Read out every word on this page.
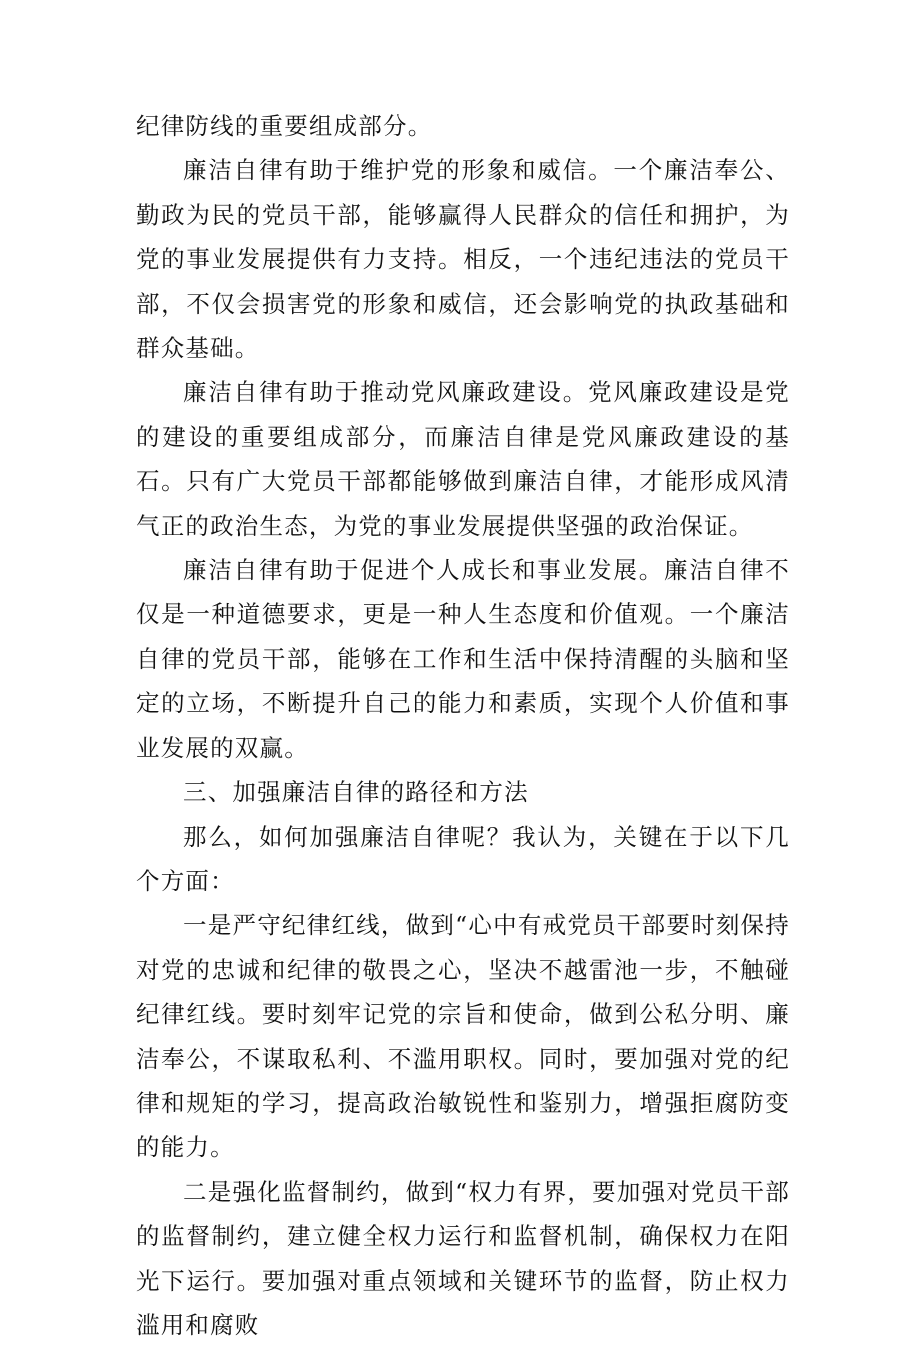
纪律防线的重要组成部分。

廉洁自律有助于维护党的形象和威信。一个廉洁奉公、勤政为民的党员干部，能够赢得人民群众的信任和拥护，为党的事业发展提供有力支持。相反，一个违纪违法的党员干部，不仅会损害党的形象和威信，还会影响党的执政基础和群众基础。

廉洁自律有助于推动党风廉政建设。党风廉政建设是党的建设的重要组成部分，而廉洁自律是党风廉政建设的基石。只有广大党员干部都能够做到廉洁自律，才能形成风清气正的政治生态，为党的事业发展提供坚强的政治保证。

廉洁自律有助于促进个人成长和事业发展。廉洁自律不仅是一种道德要求，更是一种人生态度和价值观。一个廉洁自律的党员干部，能够在工作和生活中保持清醒的头脑和坚定的立场，不断提升自己的能力和素质，实现个人价值和事业发展的双赢。

三、加强廉洁自律的路径和方法

那么，如何加强廉洁自律呢？我认为，关键在于以下几个方面：

一是严守纪律红线，做到“心中有戒党员干部要时刻保持对党的忠诚和纪律的敬畏之心，坚决不越雷池一步，不触碰纪律红线。要时刻牢记党的宗旨和使命，做到公私分明、廉洁奉公，不谋取私利、不滥用职权。同时，要加强对党的纪律和规矩的学习，提高政治敏锐性和鉴别力，增强拒腐防变的能力。

二是强化监督制约，做到“权力有界，要加强对党员干部的监督制约，建立健全权力运行和监督机制，确保权力在阳光下运行。要加强对重点领域和关键环节的监督，防止权力滥用和腐败
